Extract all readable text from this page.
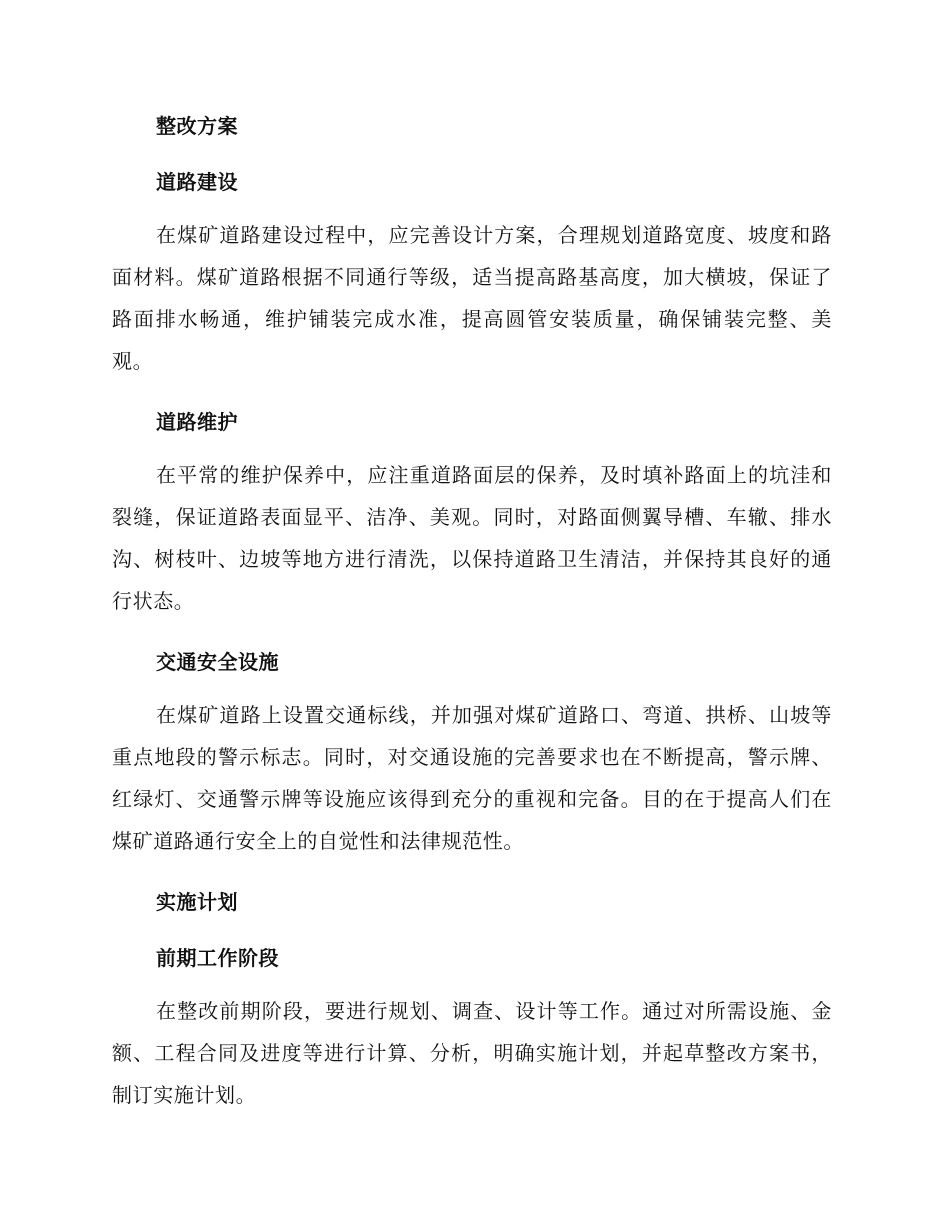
整改方案
道路建设
在煤矿道路建设过程中，应完善设计方案，合理规划道路宽度、坡度和路面材料。煤矿道路根据不同通行等级，适当提高路基高度，加大横坡，保证了路面排水畅通，维护铺装完成水准，提高圆管安装质量，确保铺装完整、美观。
道路维护
在平常的维护保养中，应注重道路面层的保养，及时填补路面上的坑洼和裂缝，保证道路表面显平、洁净、美观。同时，对路面侧翼导槽、车辙、排水沟、树枝叶、边坡等地方进行清洗，以保持道路卫生清洁，并保持其良好的通行状态。
交通安全设施
在煤矿道路上设置交通标线，并加强对煤矿道路口、弯道、拱桥、山坡等重点地段的警示标志。同时，对交通设施的完善要求也在不断提高，警示牌、红绿灯、交通警示牌等设施应该得到充分的重视和完备。目的在于提高人们在煤矿道路通行安全上的自觉性和法律规范性。
实施计划
前期工作阶段
在整改前期阶段，要进行规划、调查、设计等工作。通过对所需设施、金额、工程合同及进度等进行计算、分析，明确实施计划，并起草整改方案书，制订实施计划。
